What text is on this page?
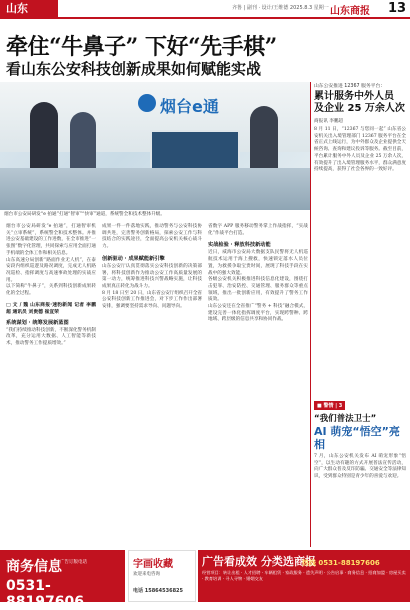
山东	齐鲁 | 副刊 · 设计/王维德 2025.8.3 星期一 山东商报 13
牵住“牛鼻子” 下好“先手棋”
看山东公安科技创新成果如何赋能实战
烟台e通
烟台市公安局研发“e 拍通”打通“智审”“快审”通道，系统警全和技术整体升级。

烟台市公安局研发“e 拍通”，打通智审机关“立审系统”，系统警全和技术整体。并推进公安基础建设的工作进数，在全市推进“一张图”数字化管理，共同探索与应用全面打通手机端的全体工作和相关信息。

山东高速分局创新“路面作业无人机”，在泰安段内组织巡逻及路况调度，完成无人机路况巡检、指挥调度与高速事故处理的实战应用。

以下简称“牛鼻子”，关系到科技创新成果转化的全过程。

□ 文 / 魏 山东商报·速豹新闻 记者 李鹏超 通讯员 刘贵德 崔宣荣

系统谋划 · 统筹发展新蓝图

“我们持续推动科技创新，不断深化警务机制改革，充分运用大数据、人工智能等新技术，推动警务工作提质增效。”

成果一件一件落地实践，推动警务与公安科技协调共进，完善警务创新格局，探索公安工作与科技结合的实践途径，全面提高公安机关核心战斗力。

创新驱动 · 成果赋能新引擎

山东公安厅认真贯彻落实公安科技创新的决策部署，将科技创新作为推动公安工作高质量发展的第一动力，统筹推进科技兴警战略实施，让科技成果真正转化为战斗力。

8 月 18 日至 20 日，山东省公安厅组织召开全省公安科技创新工作推进会，对下步工作作出部署安排，强调要坚持需求导向、问题导向。

省数字 APP 服务移动警务掌上作战指挥，“实战化”作战平台打造。

实战检验 · 释放科技新动能

近日，威海市公安局大数据支队民警将无人机巡航技术运用于海上搜救，快速锁定落水人员位置，为救援争取宝贵时间，展现了科技手段在实战中的强大效能。

各级公安机关积极推进科技信息化建设，围绕打击犯罪、治安防控、交通管理、服务群众等重点领域，推出一批创新应用，有效提升了警务工作质效。

山东公安还在全省推广“警务 + 科技”融合模式，建设完善一体化指挥调度平台，实现跨警种、跨地域、跨层级的信息共享和协同作战。

山东公安推进 12367 服务平台：
累计服务中外人员
及企业 25 万余人次
商报讯 李鹏超
8 月 11 日，“12367 与您同一起” 山东省公安机关出入境管理部门 12367 服务平台在全省正式上线运行，为中外群众及企业提供全天候咨询、查询和建议投诉等服务。截至目前，平台累计服务中外人员及企业 25 万余人次，有效提升了出入境管理服务水平，群众满意度持续提高，获得了社会各界的一致好评。
■ 警情 | 3
“我们普法卫士”
AI 萌宠“悟空”亮相
7 月，山东公安机关发布 AI 萌宠形象“悟空”，以生动有趣的方式开展普法宣传活动，向广大群众普及反诈防骗、交通安全等法律知识，受到群众特别是青少年的喜爱与欢迎。
商务信息
广告订版电话
0531-88197606
字画收藏
欢迎来电咨询
电话 15864536825
广告看成效 分类选商报
热线 0531-88197606
经营项目：转让出租 · 人才招聘 · 车辆租赁 · 家政服务 · 遗失声明 · 公告启事 · 商务信息 · 招商加盟 · 房屋买卖 · 教育培训 · 寻人寻物 · 婚姻交友
